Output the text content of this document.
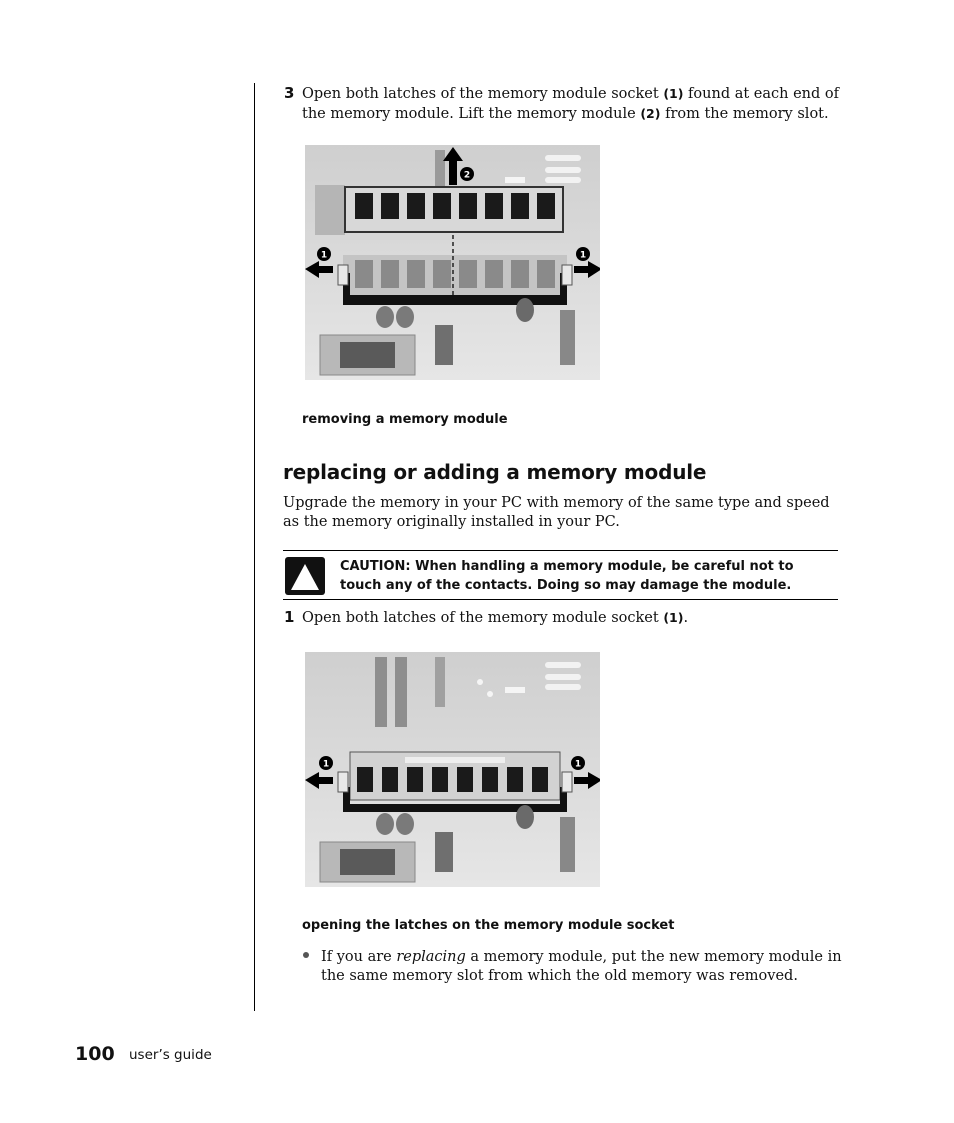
3 Open both latches of the memory module socket (1) found at each end of the memory module. Lift the memory module (2) from the memory slot.
2
1	1
removing a memory module
replacing or adding a memory module
Upgrade the memory in your PC with memory of the same type and speed as the memory originally installed in your PC.
CAUTION: When handling a memory module, be careful not to touch any of the contacts. Doing so may damage the module.
1 Open both latches of the memory module socket (1).
1	1
opening the latches on the memory module socket
If you are replacing a memory module, put the new memory module in the same memory slot from which the old memory was removed.
100 user’s guide
